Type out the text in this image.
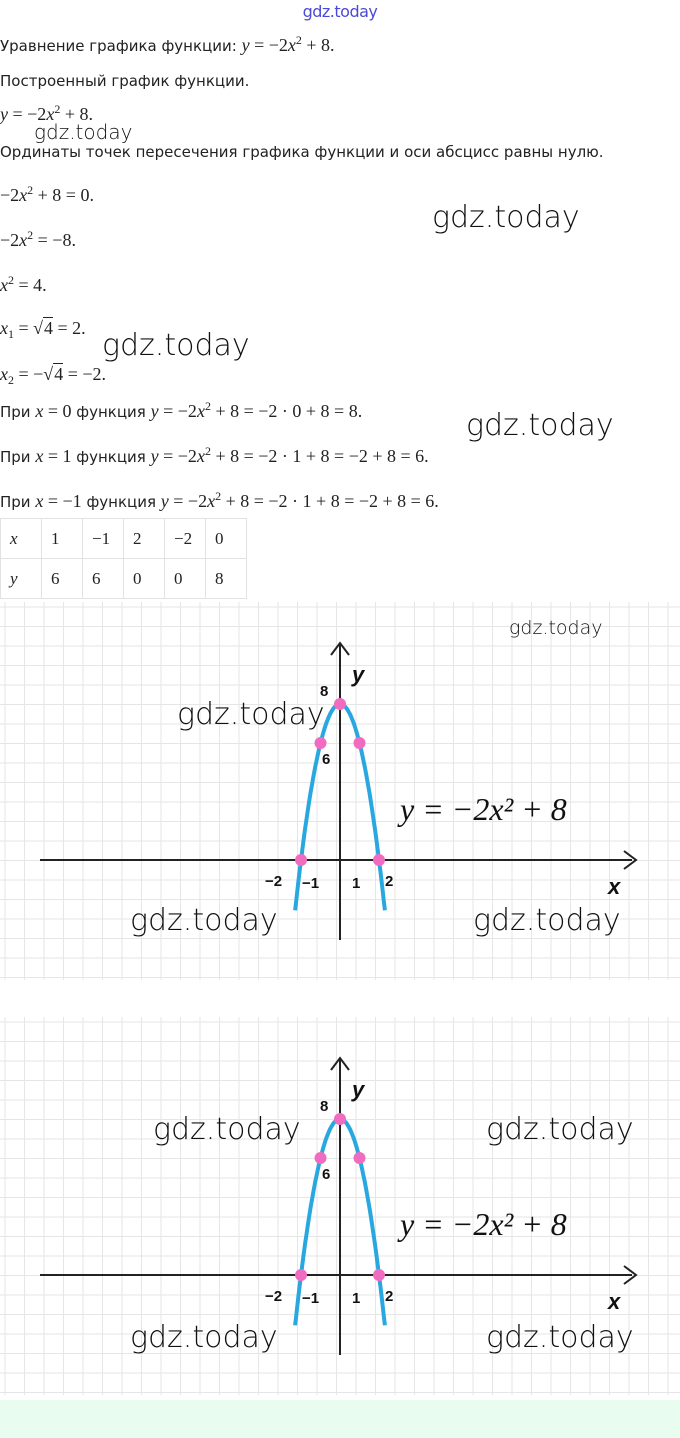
gdz.today
Уравнение графика функции: $y = -2x^2 + 8$.
Построенный график функции.
$y = -2x^2 + 8$.
Ординаты точек пересечения графика функции и оси абсцисс равны нулю.
$-2x^2 + 8 = 0$.
$-2x^2 = -8$.
$x^2 = 4$.
$x_1 = √4 = 2$.
$x_2 = -√4 = -2$.
При x = 0 функция $y = -2x^2 + 8 = -2 \cdot 0 + 8 = 8$.
При x = 1 функция $y = -2x^2 + 8 = -2 \cdot 1 + 8 = -2 + 8 = 6$.
При x = −1 функция $y = -2x^2 + 8 = -2 \cdot 1 + 8 = -2 + 8 = 6$.
x	1	−1	2	−2	0
y	6	6	0	0	8
−2 −1 1 2
8
6
x
y
y = −2x² + 8
−2 −1 1 2
8
6
x
y
y = −2x² + 8
gdz.today
gdz.today
gdz.today
gdz.today
gdz.today
gdz.today
gdz.today	gdz.today
gdz.today	gdz.today
gdz.today	gdz.today
